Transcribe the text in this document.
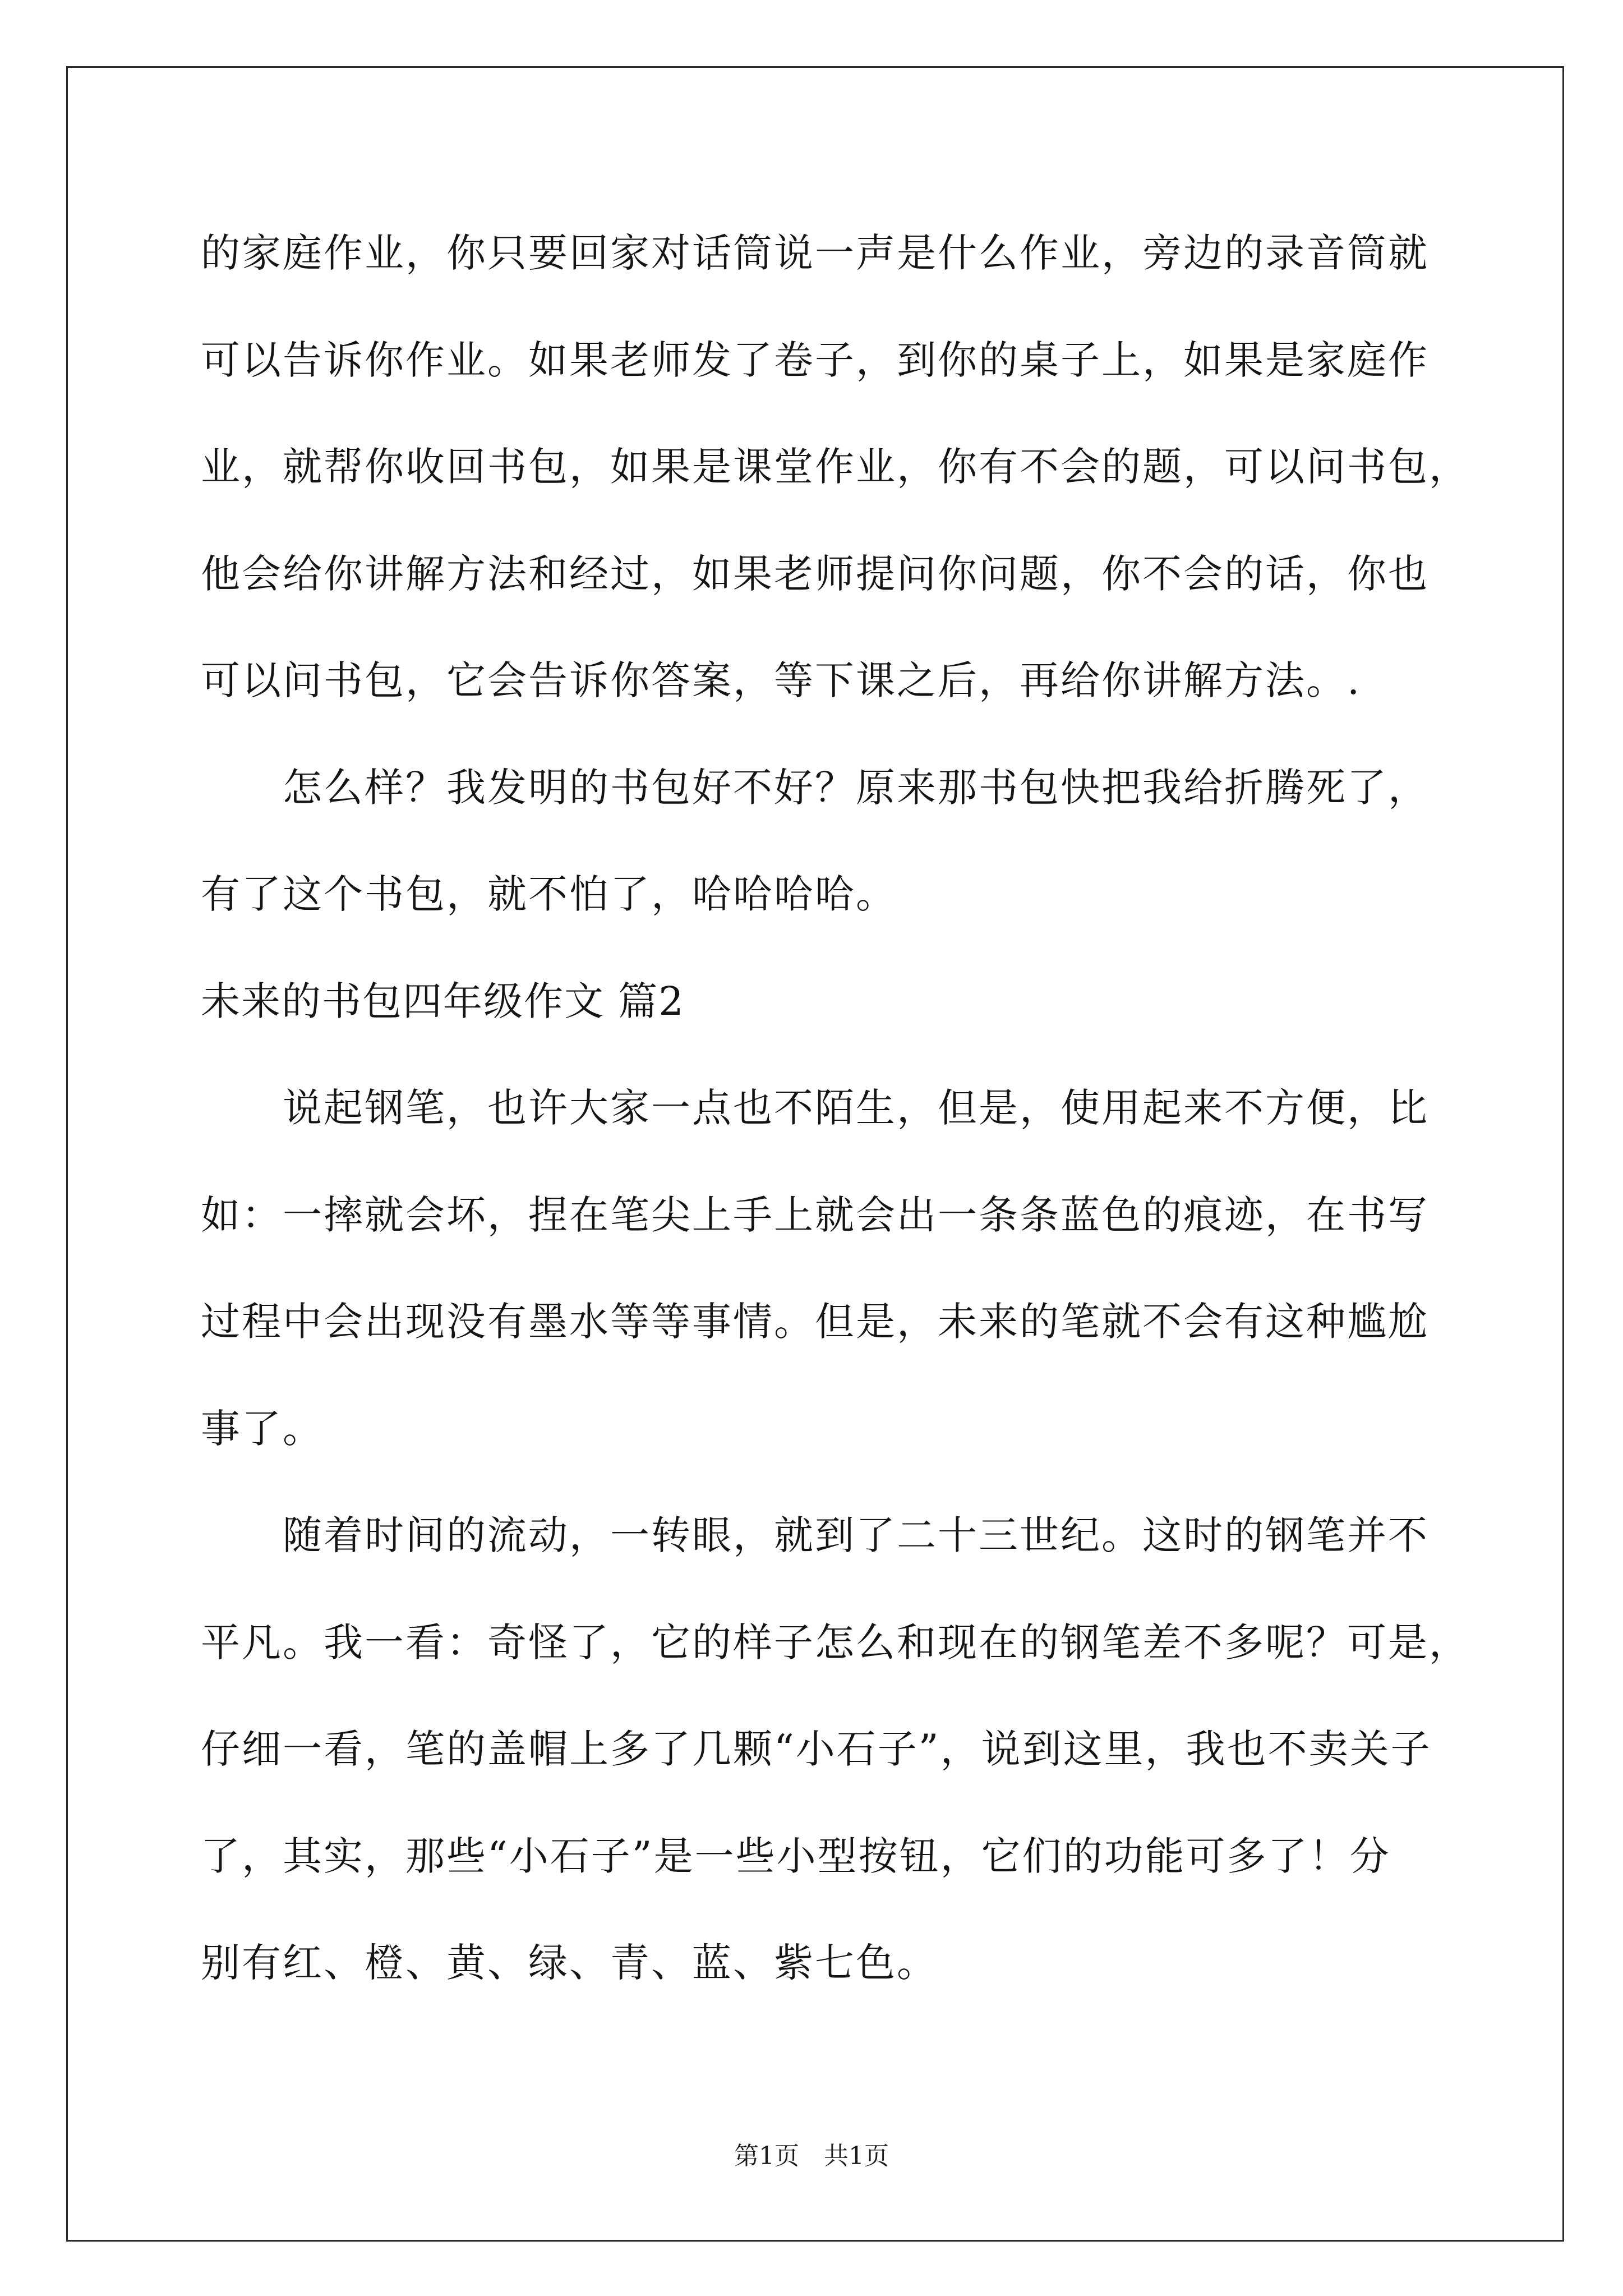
的家庭作业，你只要回家对话筒说一声是什么作业，旁边的录音筒就
可以告诉你作业。如果老师发了卷子，到你的桌子上，如果是家庭作
业，就帮你收回书包，如果是课堂作业，你有不会的题，可以问书包，
他会给你讲解方法和经过，如果老师提问你问题，你不会的话，你也
可以问书包，它会告诉你答案，等下课之后，再给你讲解方法。.
怎么样？我发明的书包好不好？原来那书包快把我给折腾死了，
有了这个书包，就不怕了，哈哈哈哈。
未来的书包四年级作文 篇2
说起钢笔，也许大家一点也不陌生，但是，使用起来不方便，比
如：一摔就会坏，捏在笔尖上手上就会出一条条蓝色的痕迹，在书写
过程中会出现没有墨水等等事情。但是，未来的笔就不会有这种尴尬
事了。
随着时间的流动，一转眼，就到了二十三世纪。这时的钢笔并不
平凡。我一看：奇怪了，它的样子怎么和现在的钢笔差不多呢？可是，
仔细一看，笔的盖帽上多了几颗“小石子”，说到这里，我也不卖关子
了，其实，那些“小石子”是一些小型按钮，它们的功能可多了！分
别有红、橙、黄、绿、青、蓝、紫七色。
第1页　共1页
